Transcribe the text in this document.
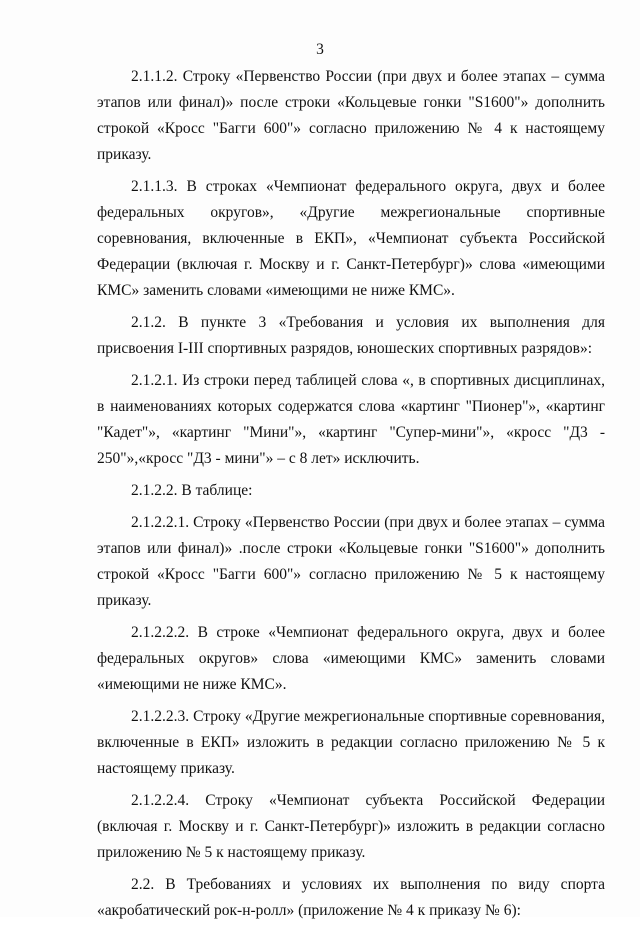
3

2.1.1.2. Строку «Первенство России (при двух и более этапах – сумма этапов или финал)» после строки «Кольцевые гонки "S1600"» дополнить строкой «Кросс "Багги 600"» согласно приложению № 4 к настоящему приказу.

2.1.1.3. В строках «Чемпионат федерального округа, двух и более федеральных округов», «Другие межрегиональные спортивные соревнования, включенные в ЕКП», «Чемпионат субъекта Российской Федерации (включая г. Москву и г. Санкт-Петербург)» слова «имеющими КМС» заменить словами «имеющими не ниже КМС».

2.1.2. В пункте 3 «Требования и условия их выполнения для присвоения I-III спортивных разрядов, юношеских спортивных разрядов»:

2.1.2.1. Из строки перед таблицей слова «, в спортивных дисциплинах, в наименованиях которых содержатся слова «картинг "Пионер"», «картинг "Кадет"», «картинг "Мини"», «картинг "Супер-мини"», «кросс "Д3 - 250"»,«кросс "Д3 - мини"» – с 8 лет» исключить.

2.1.2.2. В таблице:

2.1.2.2.1. Строку «Первенство России (при двух и более этапах – сумма этапов или финал)» .после строки «Кольцевые гонки "S1600"» дополнить строкой «Кросс "Багги 600"» согласно приложению № 5 к настоящему приказу.

2.1.2.2.2. В строке «Чемпионат федерального округа, двух и более федеральных округов» слова «имеющими КМС» заменить словами «имеющими не ниже КМС».

2.1.2.2.3. Строку «Другие межрегиональные спортивные соревнования, включенные в ЕКП» изложить в редакции согласно приложению № 5 к настоящему приказу.

2.1.2.2.4. Строку «Чемпионат субъекта Российской Федерации (включая г. Москву и г. Санкт-Петербург)» изложить в редакции согласно приложению № 5 к настоящему приказу.

2.2. В Требованиях и условиях их выполнения по виду спорта «акробатический рок-н-ролл» (приложение № 4 к приказу № 6):
